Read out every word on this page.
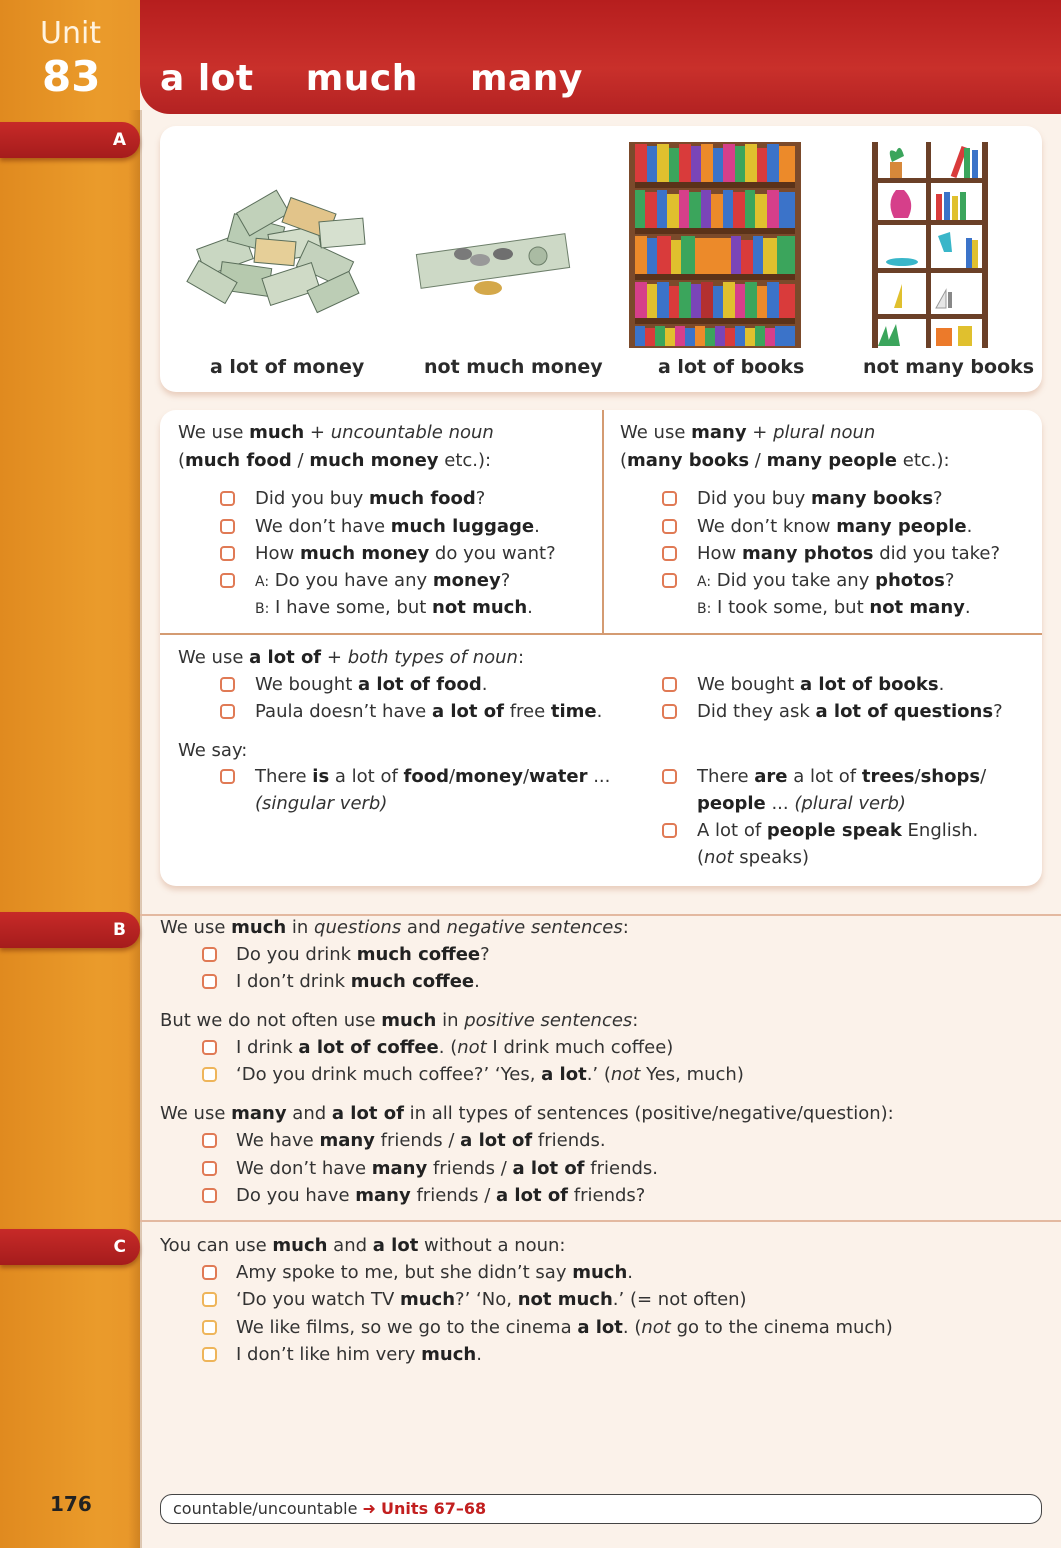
Unit
83 a lot    much    many
A
B
C
a lot of money	not much money	a lot of books	not many books
We use much + uncountable noun
(much food / much money etc.):
Did you buy much food?
We don’t have much luggage.
How much money do you want?
A: Do you have any money?
B: I have some, but not much.
We use many + plural noun
(many books / many people etc.):
Did you buy many books?
We don’t know many people.
How many photos did you take?
A: Did you take any photos?
B: I took some, but not many.
We use a lot of + both types of noun:
We bought a lot of food.
Paula doesn’t have a lot of free time.
We bought a lot of books.
Did they ask a lot of questions?
We say:
There is a lot of food/money/water ...
(singular verb)
There are a lot of trees/shops/
people ... (plural verb)
A lot of people speak English.
(not speaks)
We use much in questions and negative sentences:
Do you drink much coffee?
I don’t drink much coffee.
But we do not often use much in positive sentences:
I drink a lot of coffee. (not I drink much coffee)
‘Do you drink much coffee?’ ‘Yes, a lot.’ (not Yes, much)
We use many and a lot of in all types of sentences (positive/negative/question):
We have many friends / a lot of friends.
We don’t have many friends / a lot of friends.
Do you have many friends / a lot of friends?
You can use much and a lot without a noun:
Amy spoke to me, but she didn’t say much.
‘Do you watch TV much?’ ‘No, not much.’ (= not often)
We like films, so we go to the cinema a lot. (not go to the cinema much)
I don’t like him very much.
176	countable/uncountable ➜ Units 67–68
